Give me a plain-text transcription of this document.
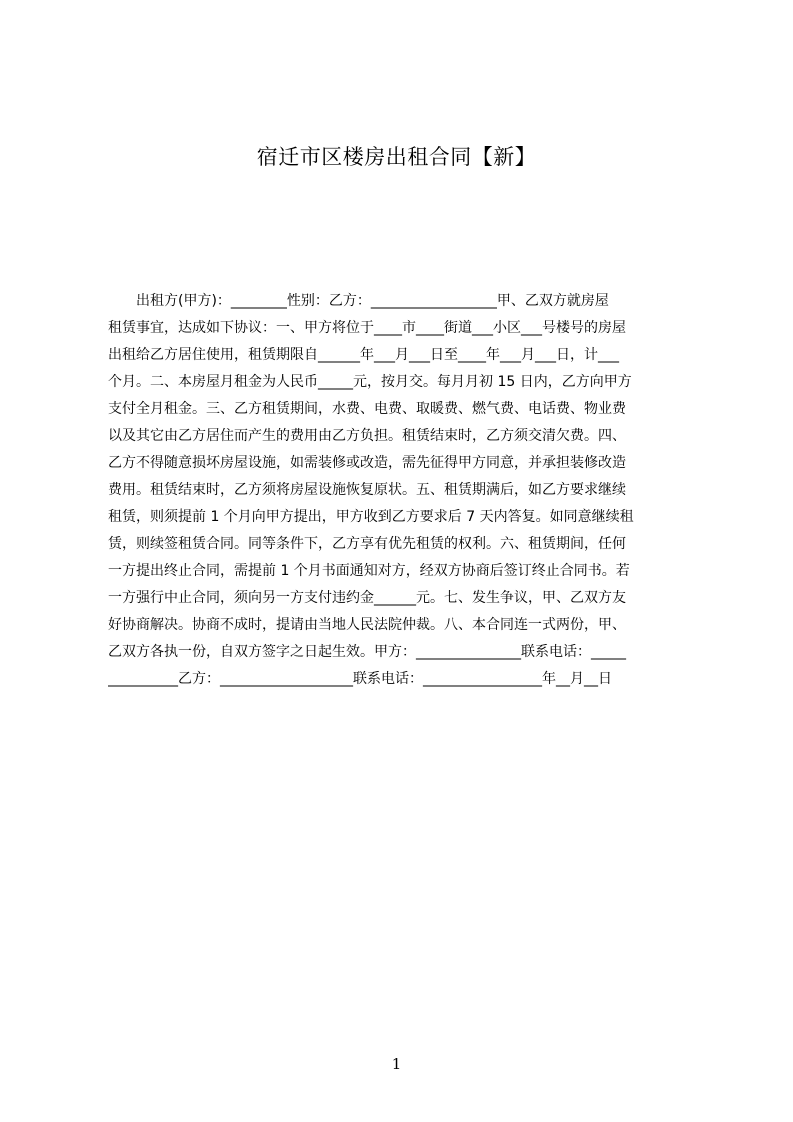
宿迁市区楼房出租合同【新】
出租方(甲方)：________性别：乙方：__________________甲、乙双方就房屋
租赁事宜，达成如下协议：一、甲方将位于____市____街道___小区___号楼号的房屋
出租给乙方居住使用，租赁期限自______年___月___日至____年___月___日，计___
个月。二、本房屋月租金为人民币_____元，按月交。每月月初 15 日内，乙方向甲方
支付全月租金。三、乙方租赁期间，水费、电费、取暖费、燃气费、电话费、物业费
以及其它由乙方居住而产生的费用由乙方负担。租赁结束时，乙方须交清欠费。四、
乙方不得随意损坏房屋设施，如需装修或改造，需先征得甲方同意，并承担装修改造
费用。租赁结束时，乙方须将房屋设施恢复原状。五、租赁期满后，如乙方要求继续
租赁，则须提前 1 个月向甲方提出，甲方收到乙方要求后 7 天内答复。如同意继续租
赁，则续签租赁合同。同等条件下，乙方享有优先租赁的权利。六、租赁期间，任何
一方提出终止合同，需提前 1 个月书面通知对方，经双方协商后签订终止合同书。若
一方强行中止合同，须向另一方支付违约金______元。七、发生争议，甲、乙双方友
好协商解决。协商不成时，提请由当地人民法院仲裁。八、本合同连一式两份，甲、
乙双方各执一份，自双方签字之日起生效。甲方：_______________联系电话：_____
__________乙方：___________________联系电话：_________________年__月__日
1
